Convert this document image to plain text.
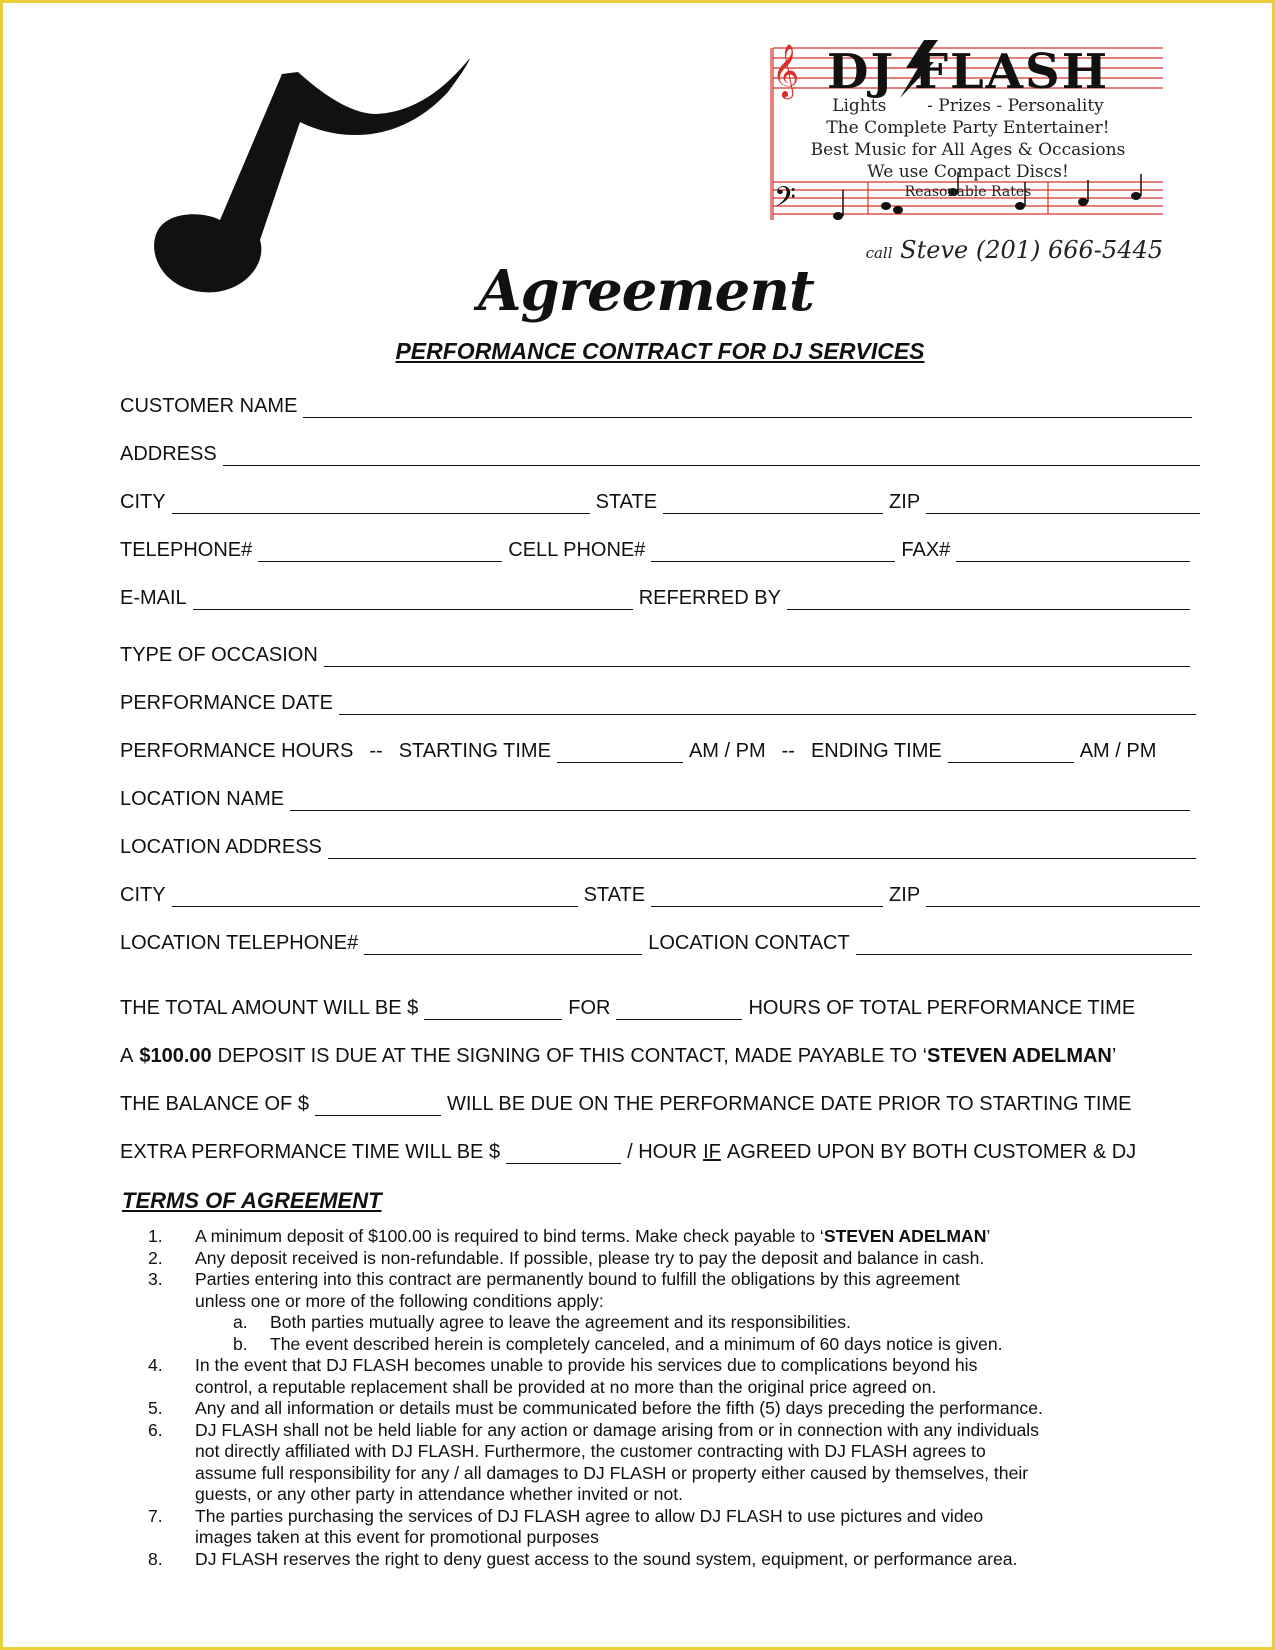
𝄞
𝄢
DJ FLASH
Lights - Prizes - Personality
The Complete Party Entertainer!
Best Music for All Ages & Occasions
We use Compact Discs!
Reasonable Rates
call Steve (201) 666-5445
Agreement
PERFORMANCE CONTRACT FOR DJ SERVICES
CUSTOMER NAME
ADDRESS
CITY	STATE	ZIP
TELEPHONE#	CELL PHONE#	FAX#
E-MAIL	REFERRED BY
TYPE OF OCCASION
PERFORMANCE DATE
PERFORMANCE HOURS -- STARTING TIME	AM / PM -- ENDING TIME	AM / PM
LOCATION NAME
LOCATION ADDRESS
CITY	STATE	ZIP
LOCATION TELEPHONE#	LOCATION CONTACT
THE TOTAL AMOUNT WILL BE $	FOR	HOURS OF TOTAL PERFORMANCE TIME
A $100.00 DEPOSIT IS DUE AT THE SIGNING OF THIS CONTACT, MADE PAYABLE TO ‘ STEVEN ADELMAN ’
THE BALANCE OF $	WILL BE DUE ON THE PERFORMANCE DATE PRIOR TO STARTING TIME
EXTRA PERFORMANCE TIME WILL BE $	/ HOUR IF AGREED UPON BY BOTH CUSTOMER & DJ
TERMS OF AGREEMENT
1.	A minimum deposit of $100.00 is required to bind terms. Make check payable to ‘STEVEN ADELMAN’
2.	Any deposit received is non-refundable. If possible, please try to pay the deposit and balance in cash.
3.	Parties entering into this contract are permanently bound to fulfill the obligations by this agreement
unless one or more of the following conditions apply:
a.	Both parties mutually agree to leave the agreement and its responsibilities.
b.	The event described herein is completely canceled, and a minimum of 60 days notice is given.
4.	In the event that DJ FLASH becomes unable to provide his services due to complications beyond his
control, a reputable replacement shall be provided at no more than the original price agreed on.
5.	Any and all information or details must be communicated before the fifth (5) days preceding the performance.
6.	DJ FLASH shall not be held liable for any action or damage arising from or in connection with any individuals
not directly affiliated with DJ FLASH. Furthermore, the customer contracting with DJ FLASH agrees to
assume full responsibility for any / all damages to DJ FLASH or property either caused by themselves, their
guests, or any other party in attendance whether invited or not.
7.	The parties purchasing the services of DJ FLASH agree to allow DJ FLASH to use pictures and video
images taken at this event for promotional purposes
8.	DJ FLASH reserves the right to deny guest access to the sound system, equipment, or performance area.
